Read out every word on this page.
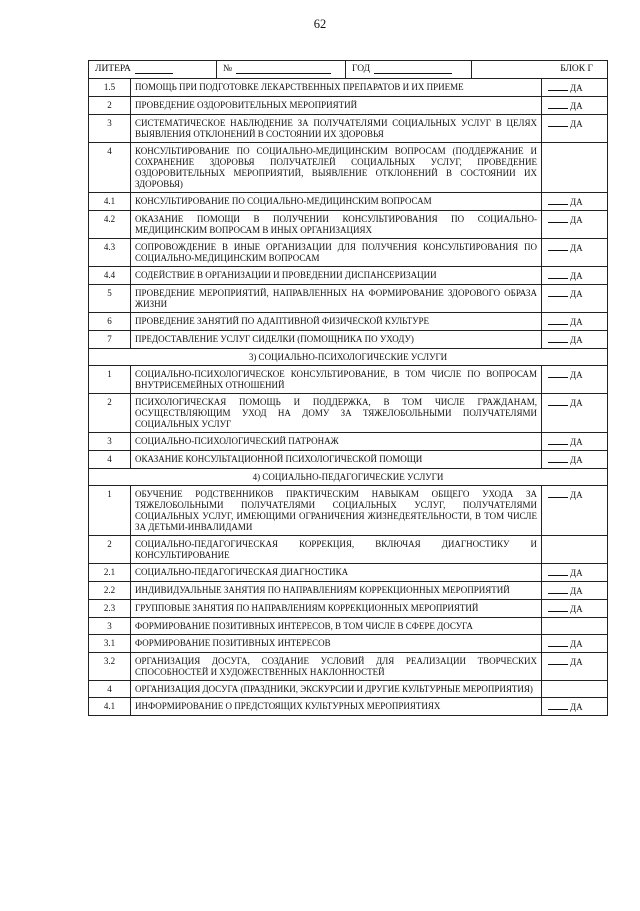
62
ЛИТЕРА № ГОД БЛОК Г		

1.5	ПОМОЩЬ ПРИ ПОДГОТОВКЕ ЛЕКАРСТВЕННЫХ ПРЕПАРАТОВ И ИХ ПРИЕМЕ	ДА
2	ПРОВЕДЕНИЕ ОЗДОРОВИТЕЛЬНЫХ МЕРОПРИЯТИЙ	ДА
3	СИСТЕМАТИЧЕСКОЕ НАБЛЮДЕНИЕ ЗА ПОЛУЧАТЕЛЯМИ СОЦИАЛЬНЫХ УСЛУГ В ЦЕЛЯХ ВЫЯВЛЕНИЯ ОТКЛОНЕНИЙ В СОСТОЯНИИ ИХ ЗДОРОВЬЯ	ДА
4	КОНСУЛЬТИРОВАНИЕ ПО СОЦИАЛЬНО-МЕДИЦИНСКИМ ВОПРОСАМ (ПОДДЕРЖАНИЕ И СОХРАНЕНИЕ ЗДОРОВЬЯ ПОЛУЧАТЕЛЕЙ СОЦИАЛЬНЫХ УСЛУГ, ПРОВЕДЕНИЕ ОЗДОРОВИТЕЛЬНЫХ МЕРОПРИЯТИЙ, ВЫЯВЛЕНИЕ ОТКЛОНЕНИЙ В СОСТОЯНИИ ИХ ЗДОРОВЬЯ)	
4.1	КОНСУЛЬТИРОВАНИЕ ПО СОЦИАЛЬНО-МЕДИЦИНСКИМ ВОПРОСАМ	ДА
4.2	ОКАЗАНИЕ ПОМОЩИ В ПОЛУЧЕНИИ КОНСУЛЬТИРОВАНИЯ ПО СОЦИАЛЬНО-МЕДИЦИНСКИМ ВОПРОСАМ В ИНЫХ ОРГАНИЗАЦИЯХ	ДА
4.3	СОПРОВОЖДЕНИЕ В ИНЫЕ ОРГАНИЗАЦИИ ДЛЯ ПОЛУЧЕНИЯ КОНСУЛЬТИРОВАНИЯ ПО СОЦИАЛЬНО-МЕДИЦИНСКИМ ВОПРОСАМ	ДА
4.4	СОДЕЙСТВИЕ В ОРГАНИЗАЦИИ И ПРОВЕДЕНИИ ДИСПАНСЕРИЗАЦИИ	ДА
5	ПРОВЕДЕНИЕ МЕРОПРИЯТИЙ, НАПРАВЛЕННЫХ НА ФОРМИРОВАНИЕ ЗДОРОВОГО ОБРАЗА ЖИЗНИ	ДА
6	ПРОВЕДЕНИЕ ЗАНЯТИЙ ПО АДАПТИВНОЙ ФИЗИЧЕСКОЙ КУЛЬТУРЕ	ДА
7	ПРЕДОСТАВЛЕНИЕ УСЛУГ СИДЕЛКИ (ПОМОЩНИКА ПО УХОДУ)	ДА
3) СОЦИАЛЬНО-ПСИХОЛОГИЧЕСКИЕ УСЛУГИ		
1	СОЦИАЛЬНО-ПСИХОЛОГИЧЕСКОЕ КОНСУЛЬТИРОВАНИЕ, В ТОМ ЧИСЛЕ ПО ВОПРОСАМ ВНУТРИСЕМЕЙНЫХ ОТНОШЕНИЙ	ДА
2	ПСИХОЛОГИЧЕСКАЯ ПОМОЩЬ И ПОДДЕРЖКА, В ТОМ ЧИСЛЕ ГРАЖДАНАМ, ОСУЩЕСТВЛЯЮЩИМ УХОД НА ДОМУ ЗА ТЯЖЕЛОБОЛЬНЫМИ ПОЛУЧАТЕЛЯМИ СОЦИАЛЬНЫХ УСЛУГ	ДА
3	СОЦИАЛЬНО-ПСИХОЛОГИЧЕСКИЙ ПАТРОНАЖ	ДА
4	ОКАЗАНИЕ КОНСУЛЬТАЦИОННОЙ ПСИХОЛОГИЧЕСКОЙ ПОМОЩИ	ДА
4) СОЦИАЛЬНО-ПЕДАГОГИЧЕСКИЕ УСЛУГИ		
1	ОБУЧЕНИЕ РОДСТВЕННИКОВ ПРАКТИЧЕСКИМ НАВЫКАМ ОБЩЕГО УХОДА ЗА ТЯЖЕЛОБОЛЬНЫМИ ПОЛУЧАТЕЛЯМИ СОЦИАЛЬНЫХ УСЛУГ, ПОЛУЧАТЕЛЯМИ СОЦИАЛЬНЫХ УСЛУГ, ИМЕЮЩИМИ ОГРАНИЧЕНИЯ ЖИЗНЕДЕЯТЕЛЬНОСТИ, В ТОМ ЧИСЛЕ ЗА ДЕТЬМИ-ИНВАЛИДАМИ	ДА
2	СОЦИАЛЬНО-ПЕДАГОГИЧЕСКАЯ КОРРЕКЦИЯ, ВКЛЮЧАЯ ДИАГНОСТИКУ И КОНСУЛЬТИРОВАНИЕ	
2.1	СОЦИАЛЬНО-ПЕДАГОГИЧЕСКАЯ ДИАГНОСТИКА	ДА
2.2	ИНДИВИДУАЛЬНЫЕ ЗАНЯТИЯ ПО НАПРАВЛЕНИЯМ КОРРЕКЦИОННЫХ МЕРОПРИЯТИЙ	ДА
2.3	ГРУППОВЫЕ ЗАНЯТИЯ ПО НАПРАВЛЕНИЯМ КОРРЕКЦИОННЫХ МЕРОПРИЯТИЙ	ДА
3	ФОРМИРОВАНИЕ ПОЗИТИВНЫХ ИНТЕРЕСОВ, В ТОМ ЧИСЛЕ В СФЕРЕ ДОСУГА	
3.1	ФОРМИРОВАНИЕ ПОЗИТИВНЫХ ИНТЕРЕСОВ	ДА
3.2	ОРГАНИЗАЦИЯ ДОСУГА, СОЗДАНИЕ УСЛОВИЙ ДЛЯ РЕАЛИЗАЦИИ ТВОРЧЕСКИХ СПОСОБНОСТЕЙ И ХУДОЖЕСТВЕННЫХ НАКЛОННОСТЕЙ	ДА
4	ОРГАНИЗАЦИЯ ДОСУГА (ПРАЗДНИКИ, ЭКСКУРСИИ И ДРУГИЕ КУЛЬТУРНЫЕ МЕРОПРИЯТИЯ)	
4.1	ИНФОРМИРОВАНИЕ О ПРЕДСТОЯЩИХ КУЛЬТУРНЫХ МЕРОПРИЯТИЯХ	ДА
